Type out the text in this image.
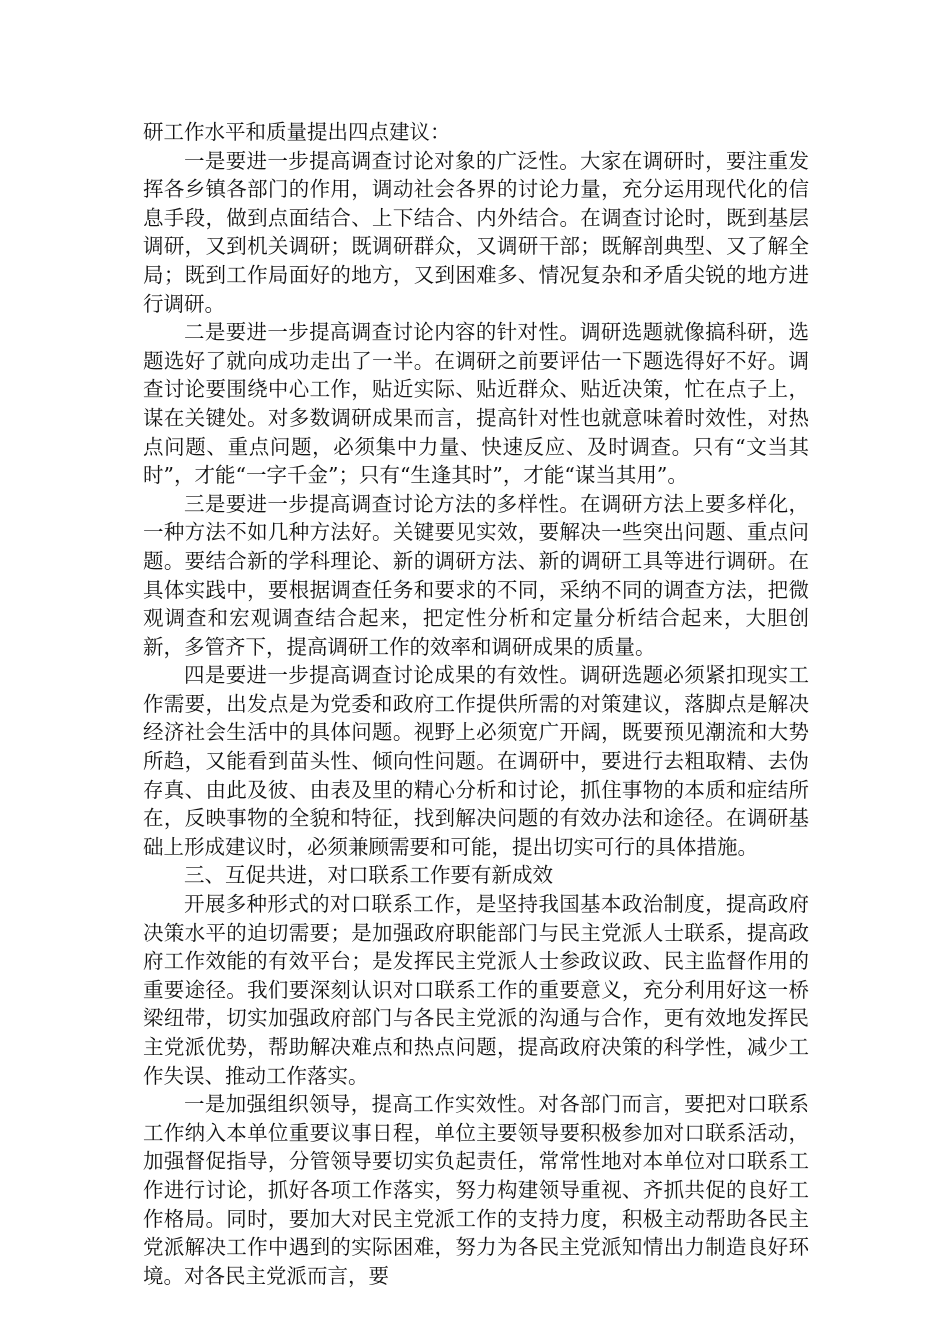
研工作水平和质量提出四点建议：

一是要进一步提高调查讨论对象的广泛性。大家在调研时，要注重发挥各乡镇各部门的作用，调动社会各界的讨论力量，充分运用现代化的信息手段，做到点面结合、上下结合、内外结合。在调查讨论时，既到基层调研，又到机关调研；既调研群众，又调研干部；既解剖典型、又了解全局；既到工作局面好的地方，又到困难多、情况复杂和矛盾尖锐的地方进行调研。

二是要进一步提高调查讨论内容的针对性。调研选题就像搞科研，选题选好了就向成功走出了一半。在调研之前要评估一下题选得好不好。调查讨论要围绕中心工作，贴近实际、贴近群众、贴近决策，忙在点子上，谋在关键处。对多数调研成果而言，提高针对性也就意味着时效性，对热点问题、重点问题，必须集中力量、快速反应、及时调查。只有“文当其时”，才能“一字千金”；只有“生逢其时”，才能“谋当其用”。

三是要进一步提高调查讨论方法的多样性。在调研方法上要多样化，一种方法不如几种方法好。关键要见实效，要解决一些突出问题、重点问题。要结合新的学科理论、新的调研方法、新的调研工具等进行调研。在具体实践中，要根据调查任务和要求的不同，采纳不同的调查方法，把微观调查和宏观调查结合起来，把定性分析和定量分析结合起来，大胆创新，多管齐下，提高调研工作的效率和调研成果的质量。

四是要进一步提高调查讨论成果的有效性。调研选题必须紧扣现实工作需要，出发点是为党委和政府工作提供所需的对策建议，落脚点是解决经济社会生活中的具体问题。视野上必须宽广开阔，既要预见潮流和大势所趋，又能看到苗头性、倾向性问题。在调研中，要进行去粗取精、去伪存真、由此及彼、由表及里的精心分析和讨论，抓住事物的本质和症结所在，反映事物的全貌和特征，找到解决问题的有效办法和途径。在调研基础上形成建议时，必须兼顾需要和可能，提出切实可行的具体措施。

三、互促共进，对口联系工作要有新成效

开展多种形式的对口联系工作，是坚持我国基本政治制度，提高政府决策水平的迫切需要；是加强政府职能部门与民主党派人士联系，提高政府工作效能的有效平台；是发挥民主党派人士参政议政、民主监督作用的重要途径。我们要深刻认识对口联系工作的重要意义，充分利用好这一桥梁纽带，切实加强政府部门与各民主党派的沟通与合作，更有效地发挥民主党派优势，帮助解决难点和热点问题，提高政府决策的科学性，减少工作失误、推动工作落实。

一是加强组织领导，提高工作实效性。对各部门而言，要把对口联系工作纳入本单位重要议事日程，单位主要领导要积极参加对口联系活动，加强督促指导，分管领导要切实负起责任，常常性地对本单位对口联系工作进行讨论，抓好各项工作落实，努力构建领导重视、齐抓共促的良好工作格局。同时，要加大对民主党派工作的支持力度，积极主动帮助各民主党派解决工作中遇到的实际困难，努力为各民主党派知情出力制造良好环境。对各民主党派而言，要
